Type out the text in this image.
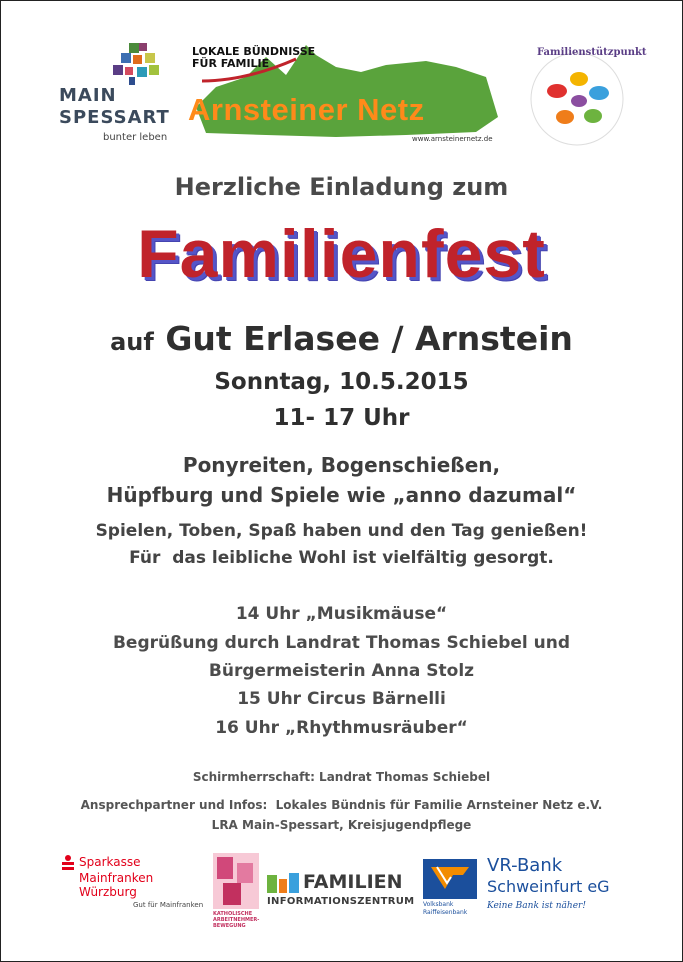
MAIN
SPESSART
bunter leben
LOKALE BÜNDNISSE
FÜR FAMILIE
Arnsteiner Netz
www.arnsteinernetz.de
Familienstützpunkt
Herzliche Einladung zum
Familienfest
auf Gut Erlasee / Arnstein
Sonntag, 10.5.2015
11- 17 Uhr
Ponyreiten, Bogenschießen,
Hüpfburg und Spiele wie „anno dazumal“
Spielen, Toben, Spaß haben und den Tag genießen!
Für  das leibliche Wohl ist vielfältig gesorgt.
14 Uhr „Musikmäuse“
Begrüßung durch Landrat Thomas Schiebel und
Bürgermeisterin Anna Stolz
15 Uhr Circus Bärnelli
16 Uhr „Rhythmusräuber“
Schirmherrschaft: Landrat Thomas Schiebel
Ansprechpartner und Infos:  Lokales Bündnis für Familie Arnsteiner Netz e.V.
LRA Main-Spessart, Kreisjugendpflege
Sparkasse
Mainfranken Würzburg
Gut für Mainfranken
KATHOLISCHE ARBEITNEHMER-BEWEGUNG
FAMILIEN
INFORMATIONSZENTRUM Volksbank
Raiffeisenbank
VR-Bank
Schweinfurt eG
Keine Bank ist näher!
